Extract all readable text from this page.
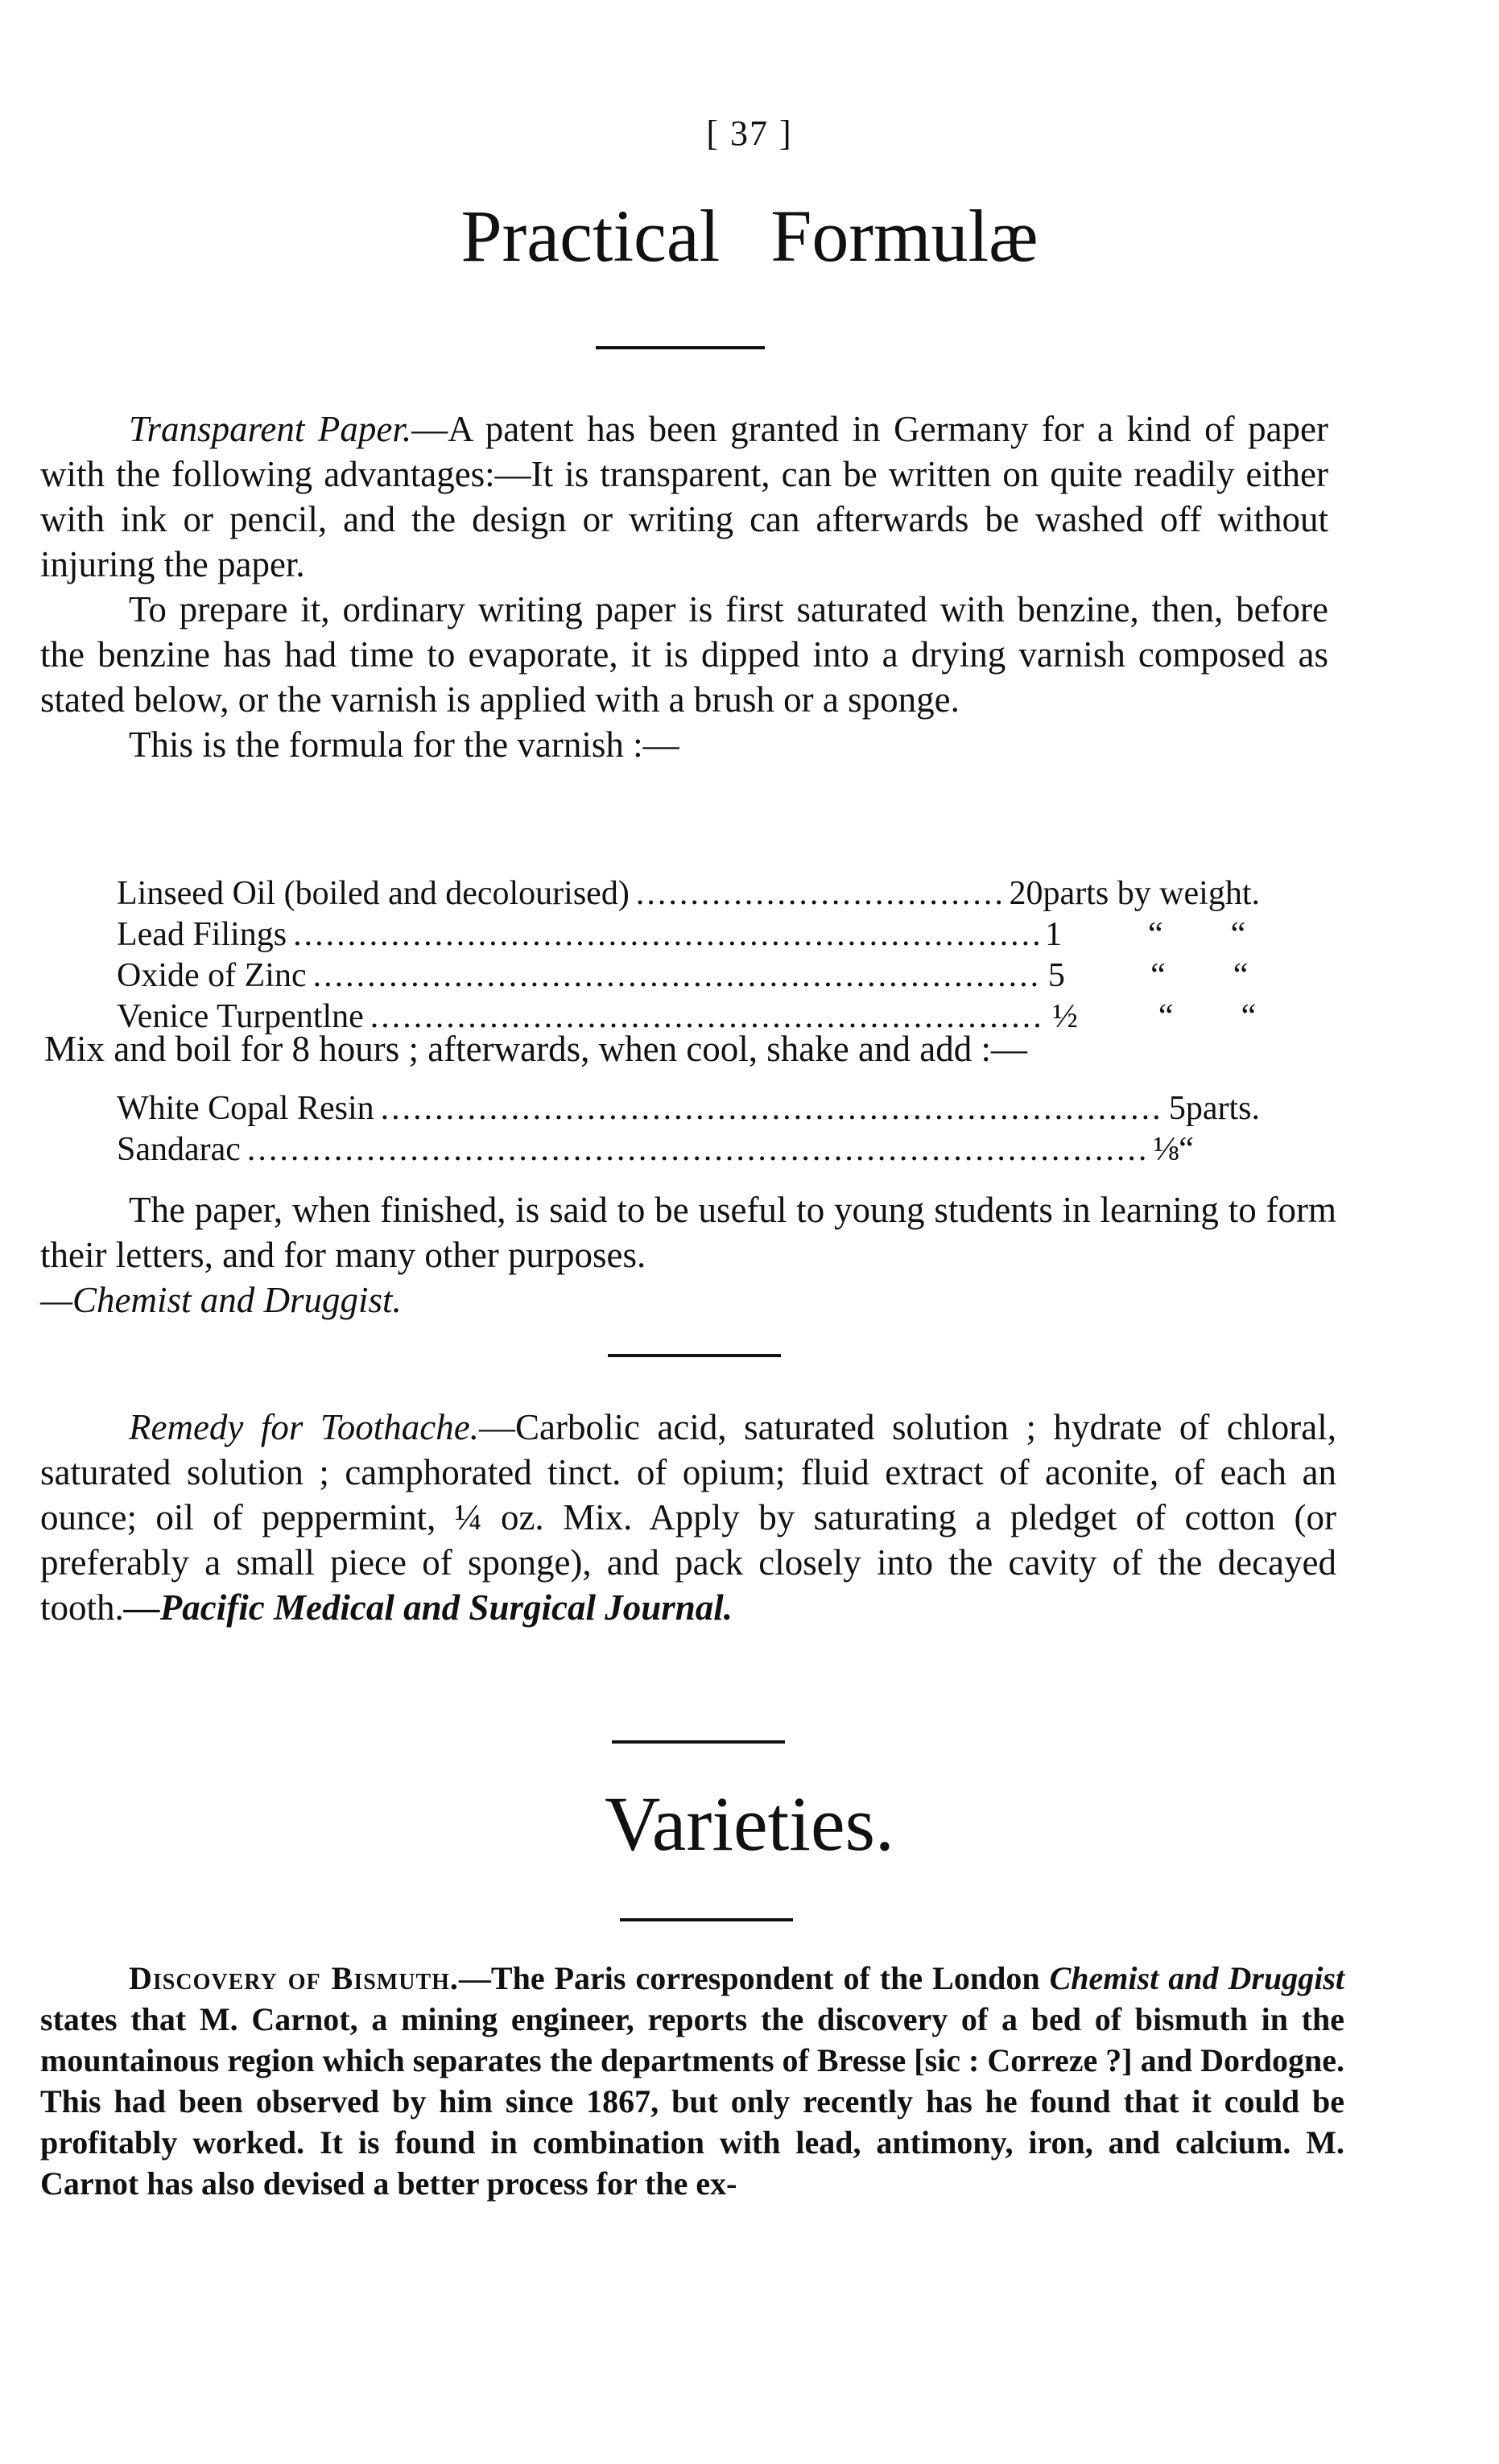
[ 37 ]
Practical Formulæ

Transparent Paper.—A patent has been granted in Germany for a kind of paper with the following advantages:—It is transparent, can be written on quite readily either with ink or pencil, and the design or writing can afterwards be washed off without injuring the paper.

To prepare it, ordinary writing paper is first saturated with benzine, then, before the benzine has had time to evaporate, it is dipped into a drying varnish composed as stated below, or the varnish is applied with a brush or a sponge.

This is the formula for the varnish :—

Linseed Oil (boiled and decolourised) .....	20 parts by weight.
Lead Filings .....	1	“        “
Oxide of Zinc .....	5	“        “
Venice Turpentlne .....	½	“        “
Mix and boil for 8 hours ; afterwards, when cool, shake and add :—
White Copal Resin .....	5 parts.
Sandarac .....	⅛ “

The paper, when finished, is said to be useful to young students in learning to form their letters, and for many other purposes.

—Chemist and Druggist.

Remedy for Toothache.—Carbolic acid, saturated solution ; hydrate of chloral, saturated solution ; camphorated tinct. of opium; fluid extract of aconite, of each an ounce; oil of peppermint, ¼ oz. Mix. Apply by saturating a pledget of cotton (or preferably a small piece of sponge), and pack closely into the cavity of the decayed tooth.—Pacific Medical and Surgical Journal.

Varieties.

Discovery of Bismuth.—The Paris correspondent of the London Chemist and Druggist states that M. Carnot, a mining engineer, reports the discovery of a bed of bismuth in the mountainous region which separates the departments of Bresse [sic : Correze ?] and Dordogne. This had been observed by him since 1867, but only recently has he found that it could be profitably worked. It is found in combination with lead, antimony, iron, and calcium. M. Carnot has also devised a better process for the ex-
